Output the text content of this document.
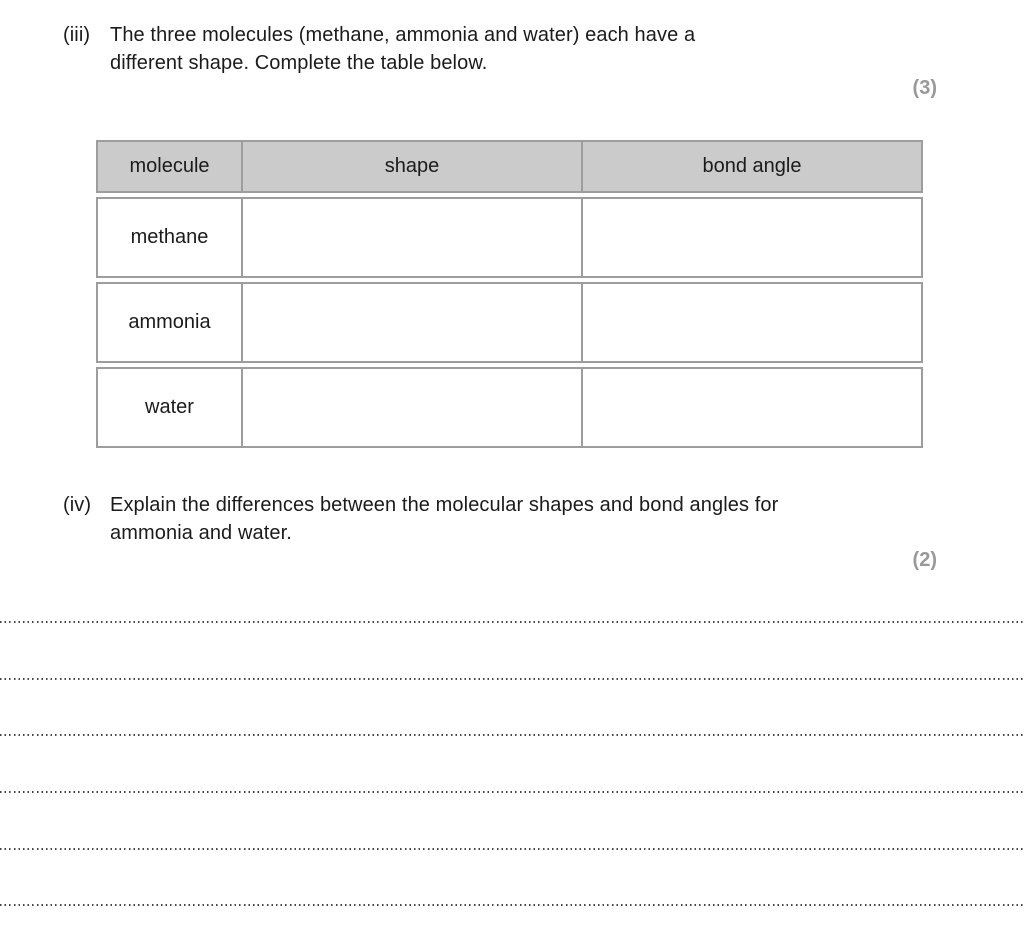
(iii) The three molecules (methane, ammonia and water) each have a
different shape. Complete the table below.
(3)
molecule	shape	bond angle
methane
ammonia
water
(iv) Explain the differences between the molecular shapes and bond angles for
ammonia and water.
(2)
